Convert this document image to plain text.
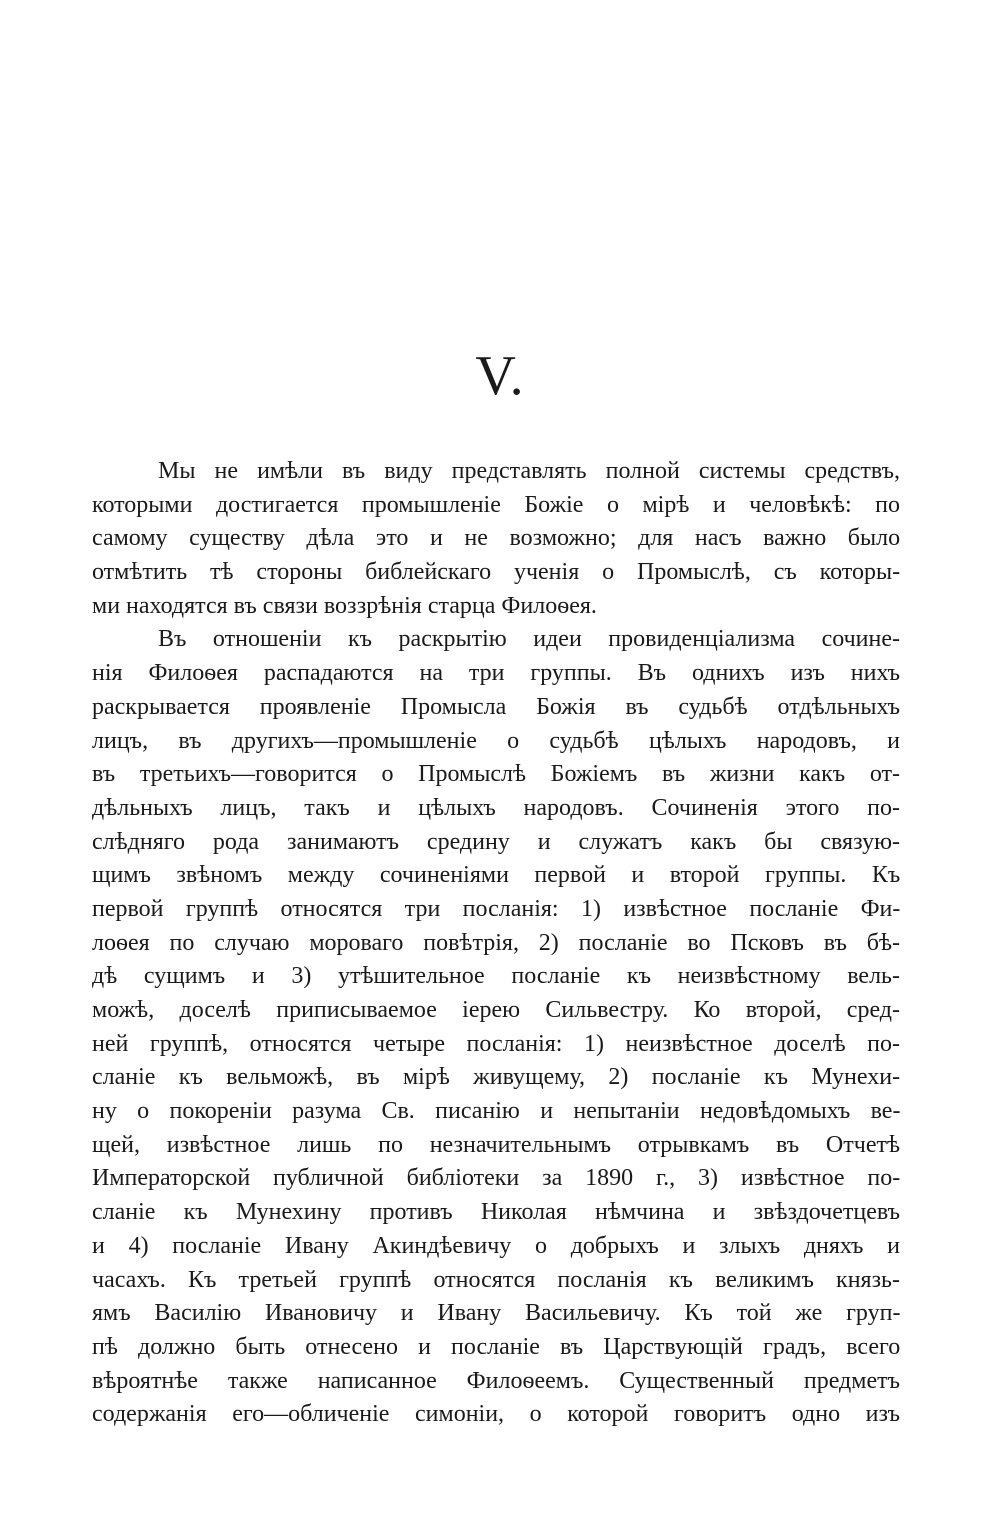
V.

Мы не имѣли въ виду представлять полной системы средствъ,
которыми достигается промышленіе Божіе о мірѣ и человѣкѣ: по
самому существу дѣла это и не возможно; для насъ важно было
отмѣтить тѣ стороны библейскаго ученія о Промыслѣ, съ которы-
ми находятся въ связи воззрѣнія старца Филоѳея.

Въ отношеніи къ раскрытію идеи провиденціализма сочине-
нія Филоѳея распадаются на три группы. Въ однихъ изъ нихъ
раскрывается проявленіе Промысла Божія въ судьбѣ отдѣльныхъ
лицъ, въ другихъ—промышленіе о судьбѣ цѣлыхъ народовъ, и
въ третьихъ—говорится о Промыслѣ Божіемъ въ жизни какъ от-
дѣльныхъ лицъ, такъ и цѣлыхъ народовъ. Сочиненія этого по-
слѣдняго рода занимаютъ средину и служатъ какъ бы связую-
щимъ звѣномъ между сочиненіями первой и второй группы. Къ
первой группѣ относятся три посланія: 1) извѣстное посланіе Фи-
лоѳея по случаю мороваго повѣтрія, 2) посланіе во Псковъ въ бѣ-
дѣ сущимъ и 3) утѣшительное посланіе къ неизвѣстному вель-
можѣ, доселѣ приписываемое іерею Сильвестру. Ко второй, сред-
ней группѣ, относятся четыре посланія: 1) неизвѣстное доселѣ по-
сланіе къ вельможѣ, въ мірѣ живущему, 2) посланіе къ Мунехи-
ну о покореніи разума Св. писанію и непытаніи недовѣдомыхъ ве-
щей, извѣстное лишь по незначительнымъ отрывкамъ въ Отчетѣ
Императорской публичной библіотеки за 1890 г., 3) извѣстное по-
сланіе къ Мунехину противъ Николая нѣмчина и звѣздочетцевъ
и 4) посланіе Ивану Акиндѣевичу о добрыхъ и злыхъ дняхъ и
часахъ. Къ третьей группѣ относятся посланія къ великимъ князь-
ямъ Василію Ивановичу и Ивану Васильевичу. Къ той же груп-
пѣ должно быть отнесено и посланіе въ Царствующій градъ, всего
вѣроятнѣе также написанное Филоѳеемъ. Существенный предметъ
содержанія его—обличеніе симоніи, о которой говоритъ одно изъ
